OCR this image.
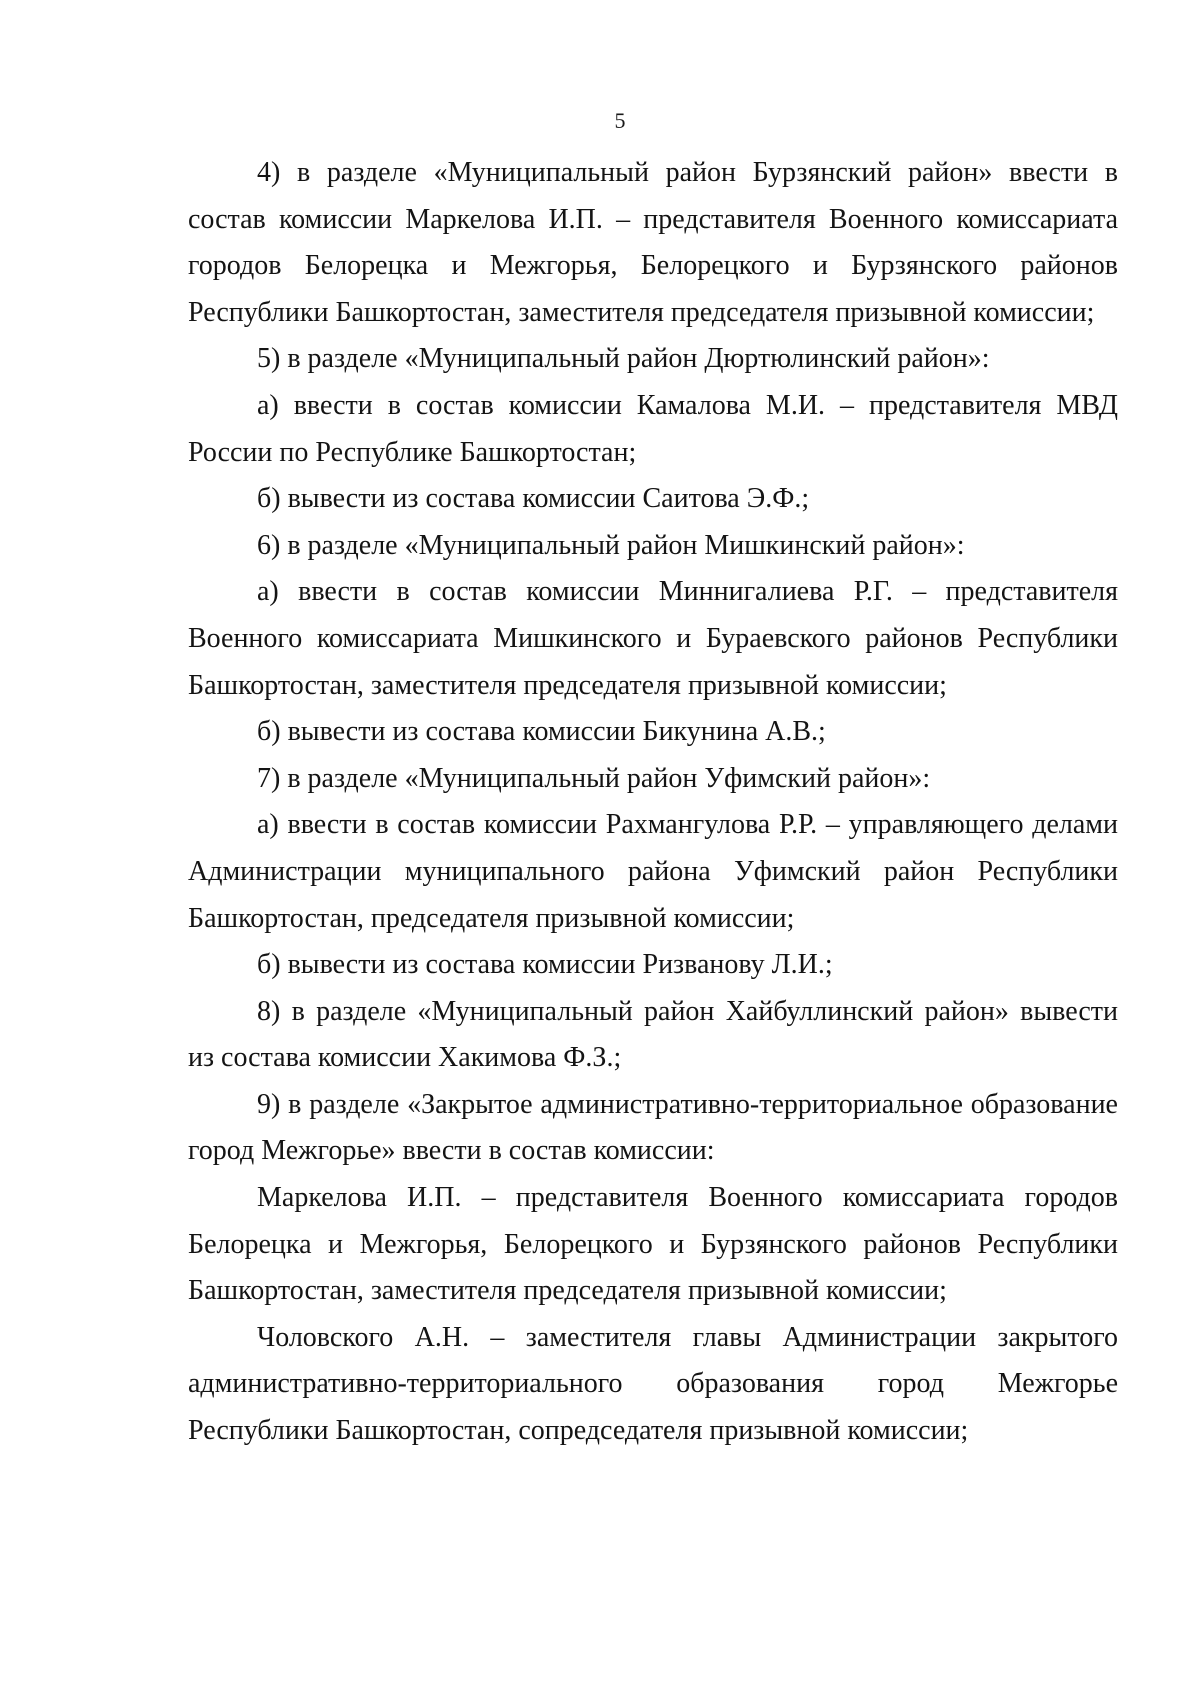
5

4) в разделе «Муниципальный район Бурзянский район» ввести в состав комиссии Маркелова И.П. – представителя Военного комиссариата городов Белорецка и Межгорья, Белорецкого и Бурзянского районов Республики Башкортостан, заместителя председателя призывной комиссии;

5) в разделе «Муниципальный район Дюртюлинский район»:

а) ввести в состав комиссии Камалова М.И. – представителя МВД России по Республике Башкортостан;

б) вывести из состава комиссии Саитова Э.Ф.;

6) в разделе «Муниципальный район Мишкинский район»:

а) ввести в состав комиссии Миннигалиева Р.Г. – представителя Военного комиссариата Мишкинского и Бураевского районов Республики Башкортостан, заместителя председателя призывной комиссии;

б) вывести из состава комиссии Бикунина А.В.;

7) в разделе «Муниципальный район Уфимский район»:

а) ввести в состав комиссии Рахмангулова Р.Р. – управляющего делами Администрации муниципального района Уфимский район Республики Башкортостан, председателя призывной комиссии;

б) вывести из состава комиссии Ризванову Л.И.;

8) в разделе «Муниципальный район Хайбуллинский район» вывести из состава комиссии Хакимова Ф.З.;

9) в разделе «Закрытое административно-территориальное образование город Межгорье» ввести в состав комиссии:

Маркелова И.П. – представителя Военного комиссариата городов Белорецка и Межгорья, Белорецкого и Бурзянского районов Республики Башкортостан, заместителя председателя призывной комиссии;

Чоловского А.Н. – заместителя главы Администрации закрытого административно-территориального образования город Межгорье Республики Башкортостан, сопредседателя призывной комиссии;
